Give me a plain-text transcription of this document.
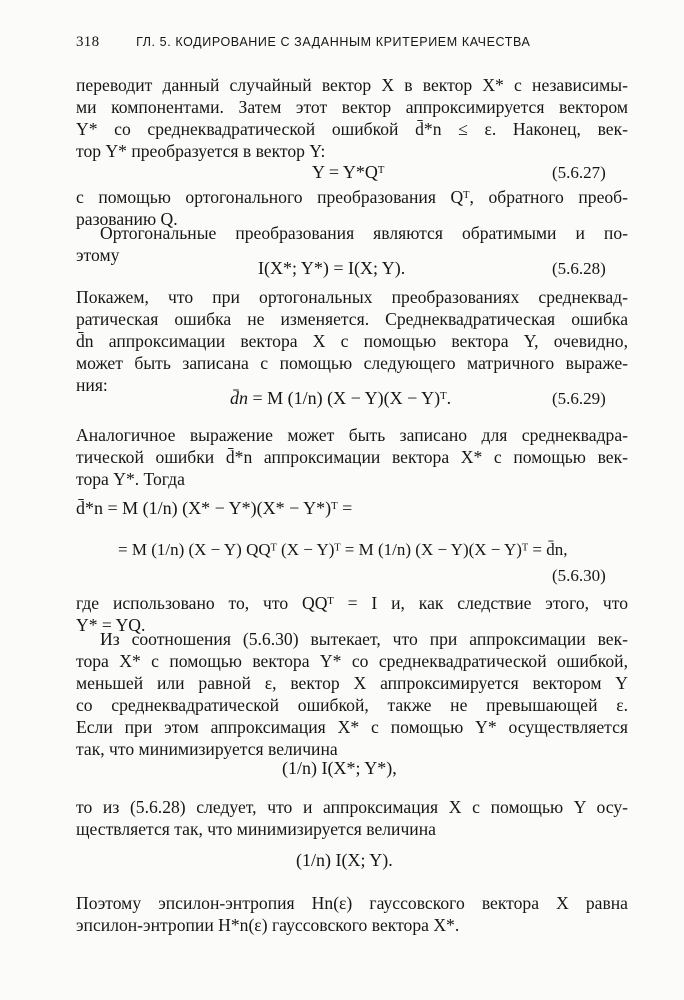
318	ГЛ. 5. КОДИРОВАНИЕ С ЗАДАННЫМ КРИТЕРИЕМ КАЧЕСТВА
переводит данный случайный вектор X в вектор X* с независимы-
ми компонентами. Затем этот вектор аппроксимируется вектором
Y* со среднеквадратической ошибкой d̄*n ≤ ε. Наконец, век-
тор Y* преобразуется в вектор Y:
Y = Y*Qᵀ	(5.6.27)
с помощью ортогонального преобразования Qᵀ, обратного преоб-
разованию Q.
Ортогональные преобразования являются обратимыми и по-
этому
I(X*; Y*) = I(X; Y).	(5.6.28)
Покажем, что при ортогональных преобразованиях среднеквад-
ратическая ошибка не изменяется. Среднеквадратическая ошибка
d̄n аппроксимации вектора X с помощью вектора Y, очевидно,
может быть записана с помощью следующего матричного выраже-
ния:
d̄n = M (1/n) (X − Y)(X − Y)ᵀ.	(5.6.29)
Аналогичное выражение может быть записано для среднеквадра-
тической ошибки d̄*n аппроксимации вектора X* с помощью век-
тора Y*. Тогда
d̄*n = M (1/n) (X* − Y*)(X* − Y*)ᵀ =
= M (1/n) (X − Y) QQᵀ (X − Y)ᵀ = M (1/n) (X − Y)(X − Y)ᵀ = d̄n,
(5.6.30)
где использовано то, что QQᵀ = I и, как следствие этого, что
Y* = YQ.
Из соотношения (5.6.30) вытекает, что при аппроксимации век-
тора X* с помощью вектора Y* со среднеквадратической ошибкой,
меньшей или равной ε, вектор X аппроксимируется вектором Y
со среднеквадратической ошибкой, также не превышающей ε.
Если при этом аппроксимация X* с помощью Y* осуществляется
так, что минимизируется величина
(1/n) I(X*; Y*),
то из (5.6.28) следует, что и аппроксимация X с помощью Y осу-
ществляется так, что минимизируется величина
(1/n) I(X; Y).
Поэтому эпсилон-энтропия Hn(ε) гауссовского вектора X равна
эпсилон-энтропии H*n(ε) гауссовского вектора X*.
